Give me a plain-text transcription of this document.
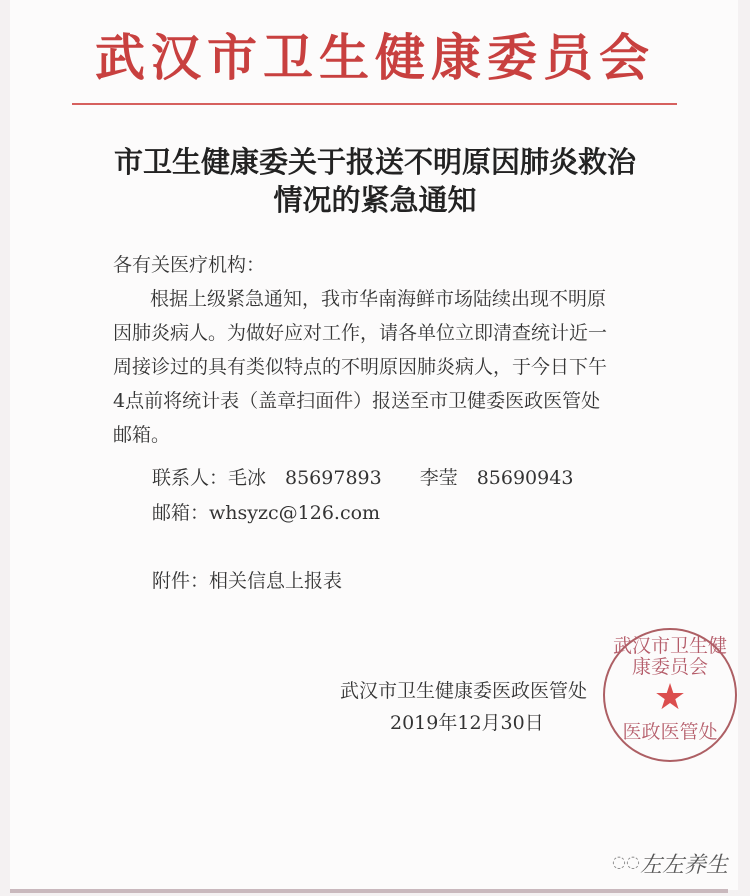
武汉市卫生健康委员会
市卫生健康委关于报送不明原因肺炎救治
情况的紧急通知
各有关医疗机构：
根据上级紧急通知，我市华南海鲜市场陆续出现不明原
因肺炎病人。为做好应对工作，请各单位立即清查统计近一
周接诊过的具有类似特点的不明原因肺炎病人，于今日下午
4点前将统计表（盖章扫面件）报送至市卫健委医政医管处
邮箱。
联系人：毛冰　85697893　　李莹　85690943
邮箱：whsyzc@126.com
附件：相关信息上报表
武汉市卫生健康委医政医管处
2019年12月30日
武汉市卫生健康委员会
★
医政医管处
◌◌ 左左养生
